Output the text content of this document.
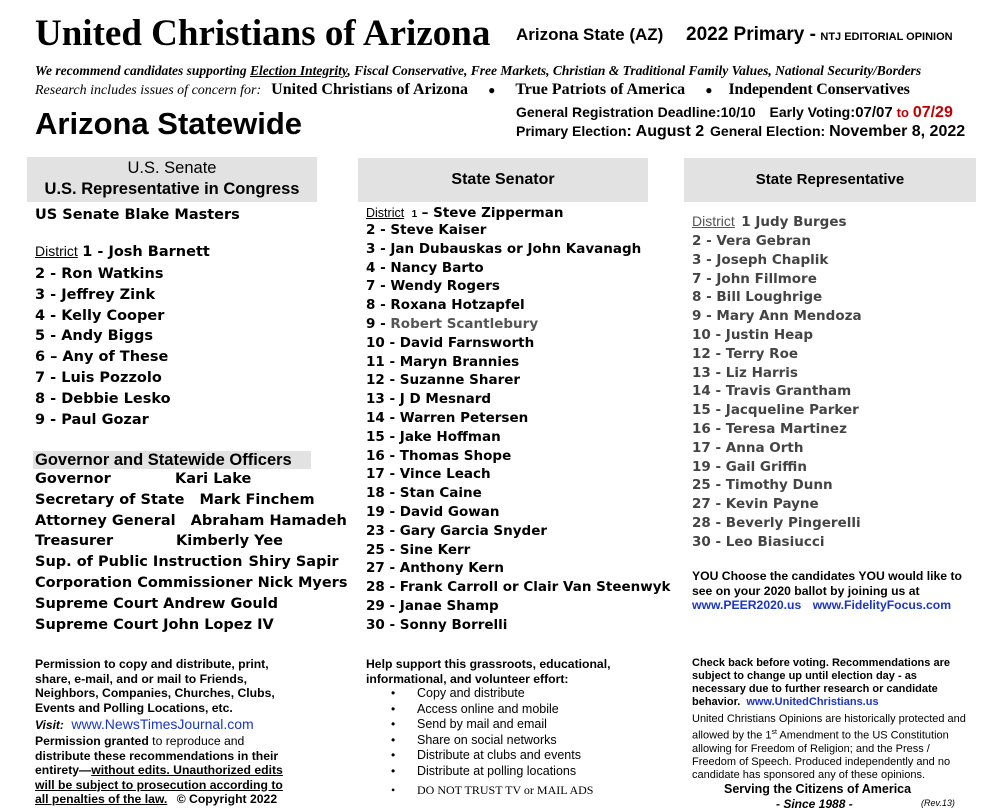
United Christians of Arizona Arizona State (AZ) 2022 Primary - NTJ EDITORIAL OPINION
We recommend candidates supporting Election Integrity, Fiscal Conservative, Free Markets, Christian & Traditional Family Values, National Security/Borders
Research includes issues of concern for: United Christians of Arizona ● True Patriots of America ● Independent Conservatives
Arizona Statewide	General Registration Deadline:10/10 Early Voting:07/07 to 07/29
Primary Election: August 2 General Election: November 8, 2022
U.S. Senate
U.S. Representative in Congress
US Senate Blake Masters
District 1 - Josh Barnett
2 - Ron Watkins
3 - Jeffrey Zink
4 - Kelly Cooper
5 - Andy Biggs
6 – Any of These
7 - Luis Pozzolo
8 - Debbie Lesko
9 - Paul Gozar
Governor and Statewide Officers
Governor	Kari Lake
Secretary of State Mark Finchem
Attorney General Abraham Hamadeh
Treasurer	Kimberly Yee
Sup. of Public Instruction Shiry Sapir
Corporation Commissioner Nick Myers
Supreme Court Andrew Gould
Supreme Court John Lopez IV
Permission to copy and distribute, print, share, e-mail, and or mail to Friends, Neighbors, Companies, Churches, Clubs, Events and Polling Locations, etc.
Visit: www.NewsTimesJournal.com
Permission granted to reproduce and distribute these recommendations in their entirety—without edits. Unauthorized edits will be subject to prosecution according to all penalties of the law. © Copyright 2022
State Senator
District 1 – Steve Zipperman
2 - Steve Kaiser
3 - Jan Dubauskas or John Kavanagh
4 - Nancy Barto
7 - Wendy Rogers
8 - Roxana Hotzapfel
9 - Robert Scantlebury
10 - David Farnsworth
11 - Maryn Brannies
12 - Suzanne Sharer
13 - J D Mesnard
14 - Warren Petersen
15 - Jake Hoffman
16 - Thomas Shope
17 - Vince Leach
18 - Stan Caine
19 - David Gowan
23 - Gary Garcia Snyder
25 - Sine Kerr
27 - Anthony Kern
28 - Frank Carroll or Clair Van Steenwyk
29 - Janae Shamp
30 - Sonny Borrelli
Help support this grassroots, educational, informational, and volunteer effort:
• Copy and distribute
• Access online and mobile
• Send by mail and email
• Share on social networks
• Distribute at clubs and events
• Distribute at polling locations
• DO NOT TRUST TV or MAIL ADS
State Representative
District 1 Judy Burges
2 - Vera Gebran
3 - Joseph Chaplik
7 - John Fillmore
8 - Bill Loughrige
9 - Mary Ann Mendoza
10 - Justin Heap
12 - Terry Roe
13 - Liz Harris
14 - Travis Grantham
15 - Jacqueline Parker
16 - Teresa Martinez
17 - Anna Orth
19 - Gail Griffin
25 - Timothy Dunn
27 - Kevin Payne
28 - Beverly Pingerelli
30 - Leo Biasiucci
YOU Choose the candidates YOU would like to see on your 2020 ballot by joining us at
www.PEER2020.us www.FidelityFocus.com
Check back before voting. Recommendations are subject to change up until election day - as necessary due to further research or candidate behavior. www.UnitedChristians.us
United Christians Opinions are historically protected and allowed by the 1st Amendment to the US Constitution allowing for Freedom of Religion; and the Press / Freedom of Speech. Produced independently and no candidate has sponsored any of these opinions.
Serving the Citizens of America
- Since 1988 -	(Rev.13)
